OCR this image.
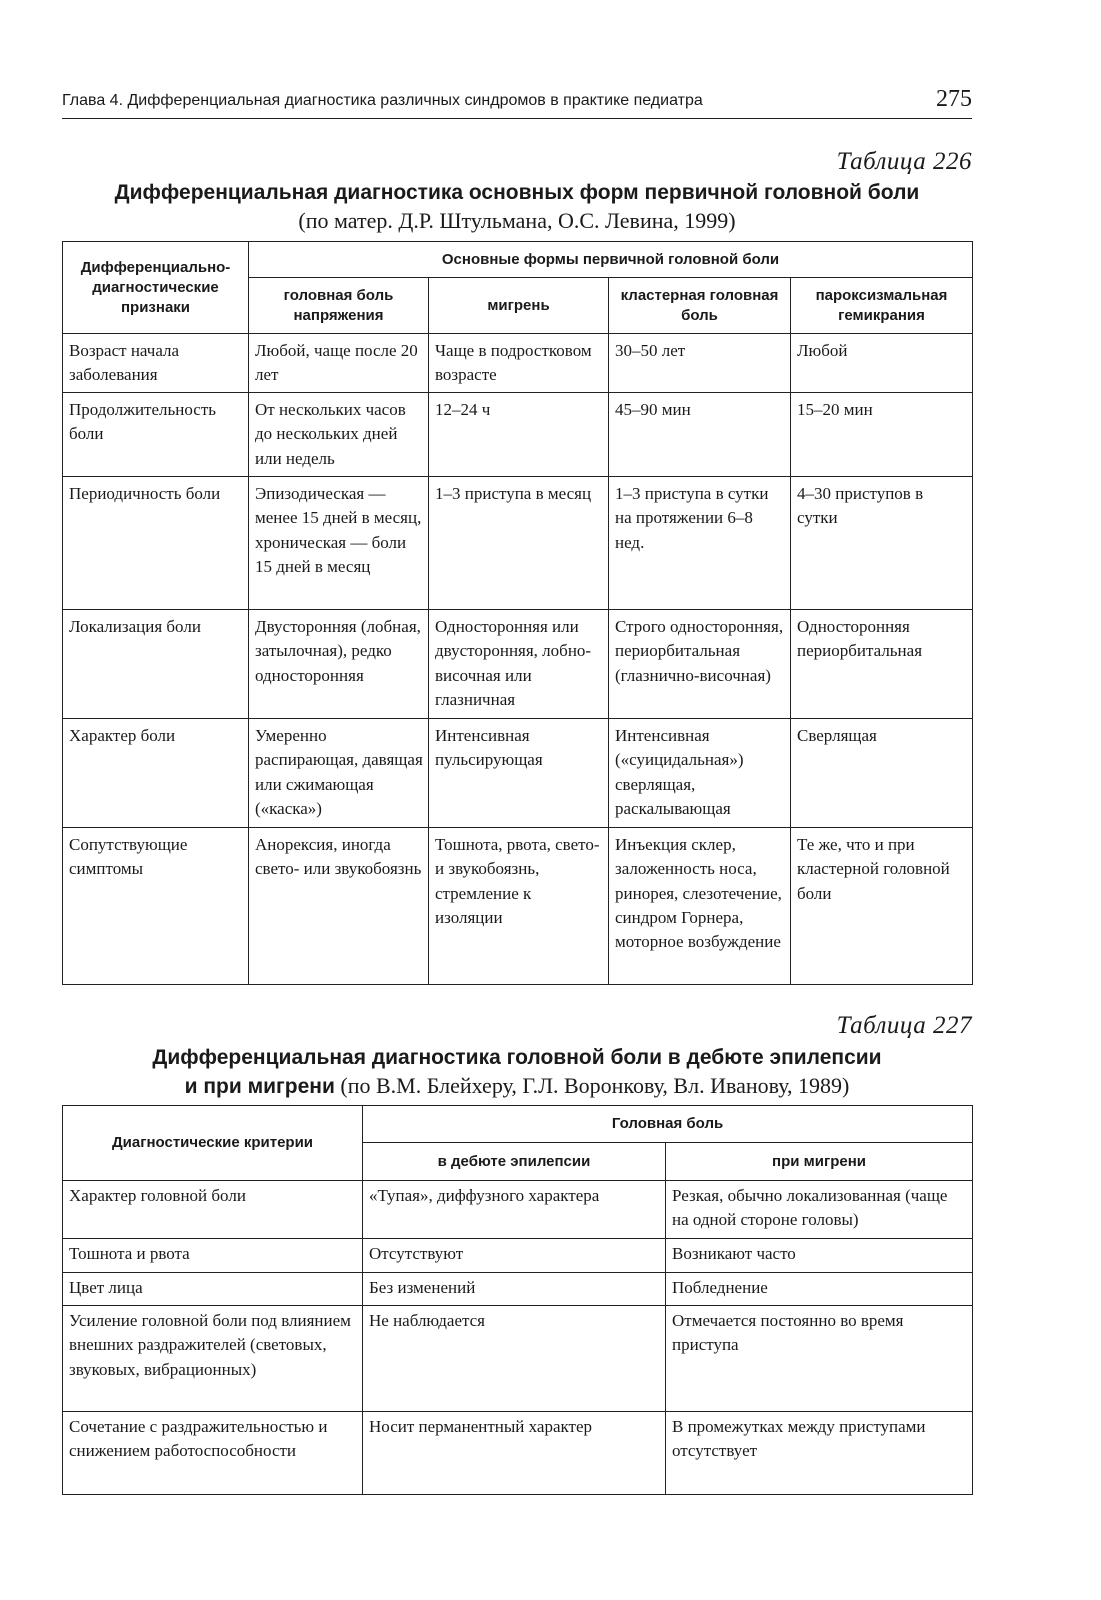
Глава 4. Дифференциальная диагностика различных синдромов в практике педиатра	275
Таблица 226
Дифференциальная диагностика основных форм первичной головной боли
(по матер. Д.Р. Штульмана, О.С. Левина, 1999)
Дифференциально-диагностические признаки	Основные формы первичной головной боли			
	головная боль напряжения	мигрень	кластерная головная боль	пароксизмальная гемикрания
Возраст начала заболевания	Любой, чаще после 20 лет	Чаще в подростковом возрасте	30–50 лет	Любой
Продолжительность боли	От нескольких часов до нескольких дней или недель	12–24 ч	45–90 мин	15–20 мин
Периодичность боли	Эпизодическая — менее 15 дней в месяц, хроническая — боли 15 дней в месяц	1–3 приступа в месяц	1–3 приступа в сутки на протяжении 6–8 нед.	4–30 приступов в сутки
Локализация боли	Двусторонняя (лобная, затылочная), редко односторонняя	Односторонняя или двусторонняя, лобно-височная или глазничная	Строго односторонняя, периорбитальная (глазнично-височная)	Односторонняя периорбитальная
Характер боли	Умеренно распирающая, давящая или сжимающая («каска»)	Интенсивная пульсирующая	Интенсивная («суицидальная») сверлящая, раскалывающая	Сверлящая
Сопутствующие симптомы	Анорексия, иногда свето- или звукобоязнь	Тошнота, рвота, свето- и звукобоязнь, стремление к изоляции	Инъекция склер, заложенность носа, ринорея, слезотечение, синдром Горнера, моторное возбуждение	Те же, что и при кластерной головной боли
Таблица 227
Дифференциальная диагностика головной боли в дебюте эпилепсии
и при мигрени (по В.М. Блейхеру, Г.Л. Воронкову, Вл. Иванову, 1989)
Диагностические критерии	Головная боль	
	в дебюте эпилепсии	при мигрени
Характер головной боли	«Тупая», диффузного характера	Резкая, обычно локализованная (чаще на одной стороне головы)
Тошнота и рвота	Отсутствуют	Возникают часто
Цвет лица	Без изменений	Побледнение
Усиление головной боли под влиянием внешних раздражителей (световых, звуковых, вибрационных)	Не наблюдается	Отмечается постоянно во время приступа
Сочетание с раздражительностью и снижением работоспособности	Носит перманентный характер	В промежутках между приступами отсутствует
